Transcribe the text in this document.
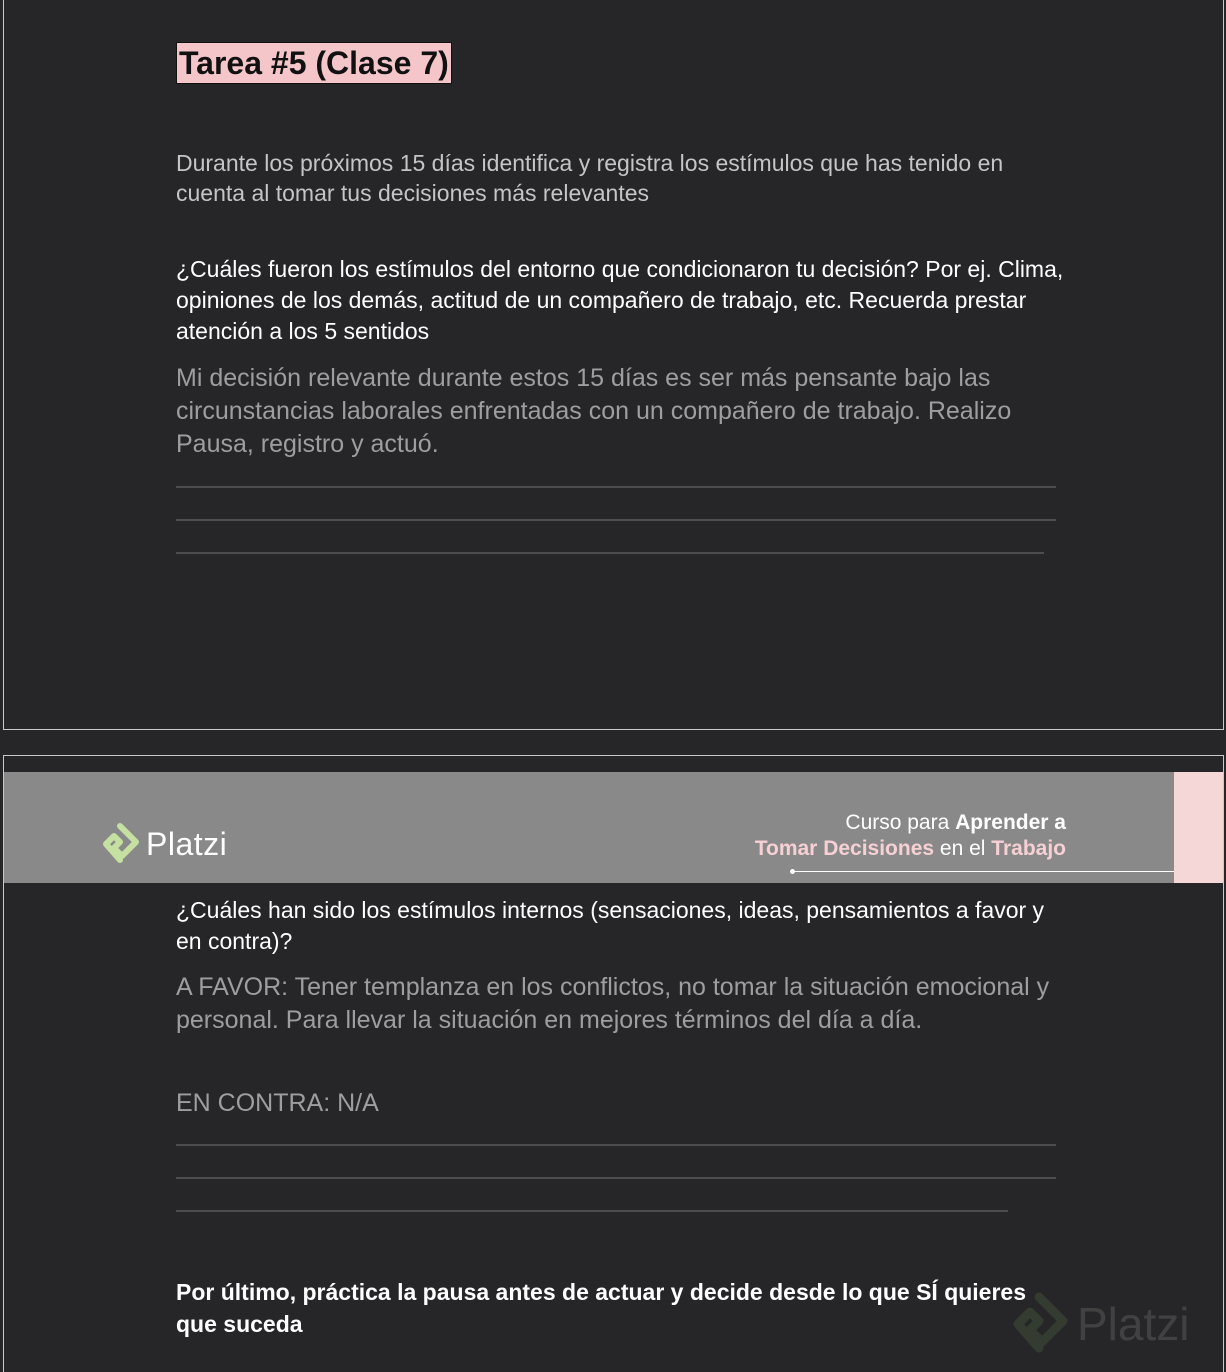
Tarea #5 (Clase 7)

Durante los próximos 15 días identifica y registra los estímulos que has tenido en cuenta al tomar tus decisiones más relevantes

¿Cuáles fueron los estímulos del entorno que condicionaron tu decisión? Por ej. Clima, opiniones de los demás, actitud de un compañero de trabajo, etc. Recuerda prestar atención a los 5 sentidos

Mi decisión relevante durante estos 15 días es ser más pensante bajo las circunstancias laborales enfrentadas con un compañero de trabajo. Realizo Pausa, registro y actuó.

Platzi
Curso para Aprender a
Tomar Decisiones en el Trabajo

¿Cuáles han sido los estímulos internos (sensaciones, ideas, pensamientos a favor y en contra)?

A FAVOR: Tener templanza en los conflictos, no tomar la situación emocional y personal. Para llevar la situación en mejores términos del día a día.

EN CONTRA: N/A

Por último, práctica la pausa antes de actuar y decide desde lo que SÍ quieres que suceda	Platzi
